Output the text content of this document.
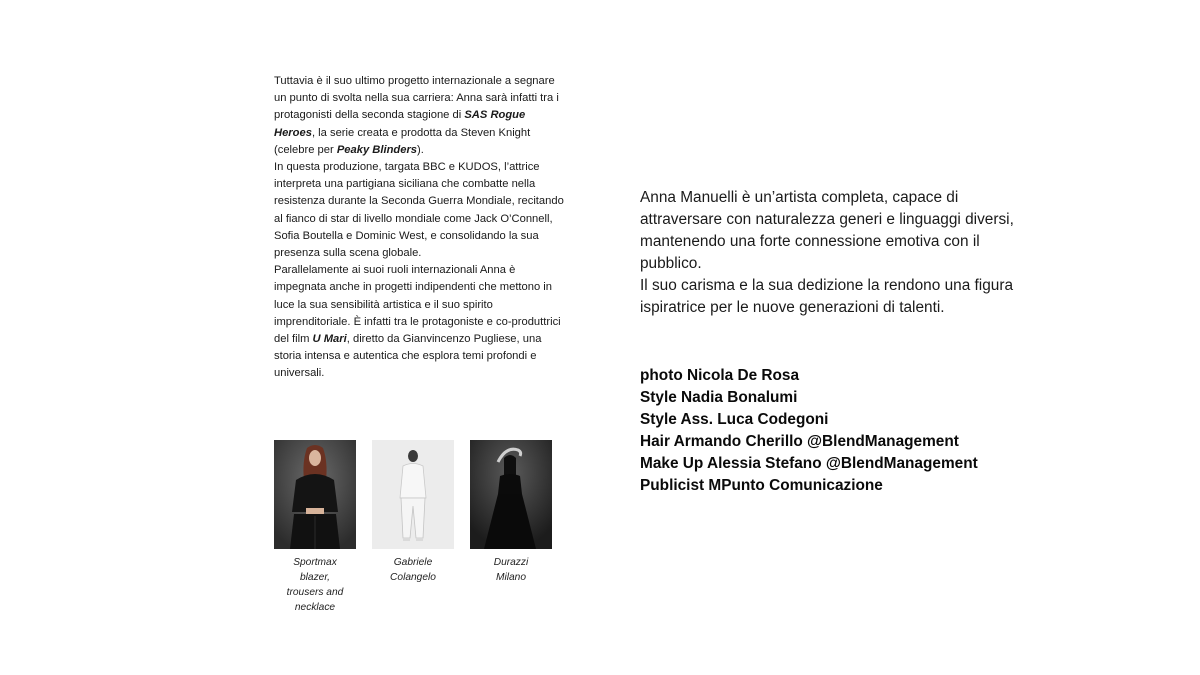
Tuttavia è il suo ultimo progetto internazionale a segnare un punto di svolta nella sua carriera: Anna sarà infatti tra i protagonisti della seconda stagione di SAS Rogue Heroes, la serie creata e prodotta da Steven Knight (celebre per Peaky Blinders).

In questa produzione, targata BBC e KUDOS, l’attrice interpreta una partigiana siciliana che combatte nella resistenza durante la Seconda Guerra Mondiale, recitando al fianco di star di livello mondiale come Jack O’Connell, Sofia Boutella e Dominic West, e consolidando la sua presenza sulla scena globale.

Parallelamente ai suoi ruoli internazionali Anna è impegnata anche in progetti indipendenti che mettono in luce la sua sensibilità artistica e il suo spirito imprenditoriale. È infatti tra le protagoniste e co-produttrici del film U Mari, diretto da Gianvincenzo Pugliese, una storia intensa e autentica che esplora temi profondi e universali.

Sportmax
blazer,
trousers and
necklace
Gabriele
Colangelo
Durazzi
Milano

Anna Manuelli è un’artista completa, capace di attraversare con naturalezza generi e linguaggi diversi, mantenendo una forte connessione emotiva con il pubblico.

Il suo carisma e la sua dedizione la rendono una figura ispiratrice per le nuove generazioni di talenti.

photo Nicola De Rosa
Style Nadia Bonalumi
Style Ass. Luca Codegoni
Hair Armando Cherillo @BlendManagement
Make Up Alessia Stefano @BlendManagement
Publicist MPunto Comunicazione
